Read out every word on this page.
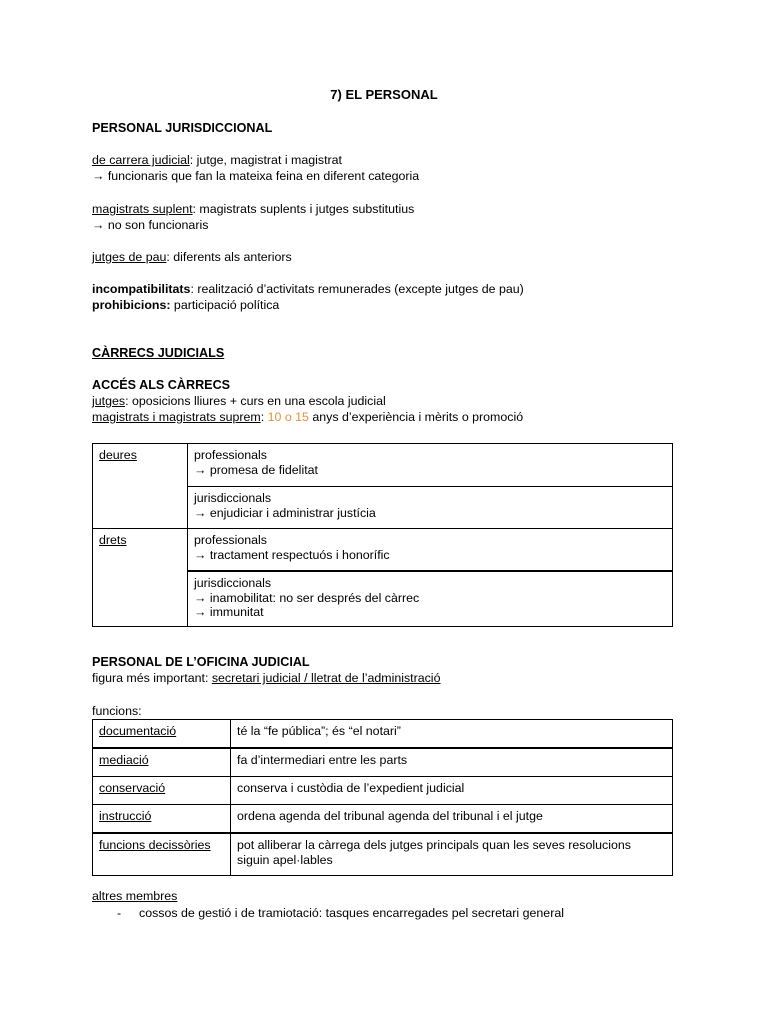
7) EL PERSONAL

PERSONAL JURISDICCIONAL

de carrera judicial: jutge, magistrat i magistrat

→ funcionaris que fan la mateixa feina en diferent categoria

magistrats suplent: magistrats suplents i jutges substitutius

→ no son funcionaris

jutges de pau: diferents als anteriors

incompatibilitats: realització d’activitats remunerades (excepte jutges de pau)

prohibicions: participació política

CÀRRECS JUDICIALS

ACCÉS ALS CÀRRECS

jutges: oposicions lliures + curs en una escola judicial

magistrats i magistrats suprem: 10 o 15 anys d’experiència i mèrits o promoció

deures	professionals
→ promesa de fidelitat

	jurisdiccionals
→ enjudiciar i administrar justícia

drets	professionals
→ tractament respectuós i honorífic

	jurisdiccionals
→ inamobilitat: no ser després del càrrec
→ immunitat

PERSONAL DE L’OFICINA JUDICIAL

figura més important: secretari judicial / lletrat de l’administració

funcions:

documentació	té la “fe pública”; és “el notari”
mediació	fa d’intermediari entre les parts
conservació	conserva i custòdia de l’expedient judicial
instrucció	ordena agenda del tribunal agenda del tribunal i el jutge
funcions decissòries	pot alliberar la càrrega dels jutges principals quan les seves resolucions siguin apel·lables

altres membres

- cossos de gestió i de tramiotació: tasques encarregades pel secretari general
